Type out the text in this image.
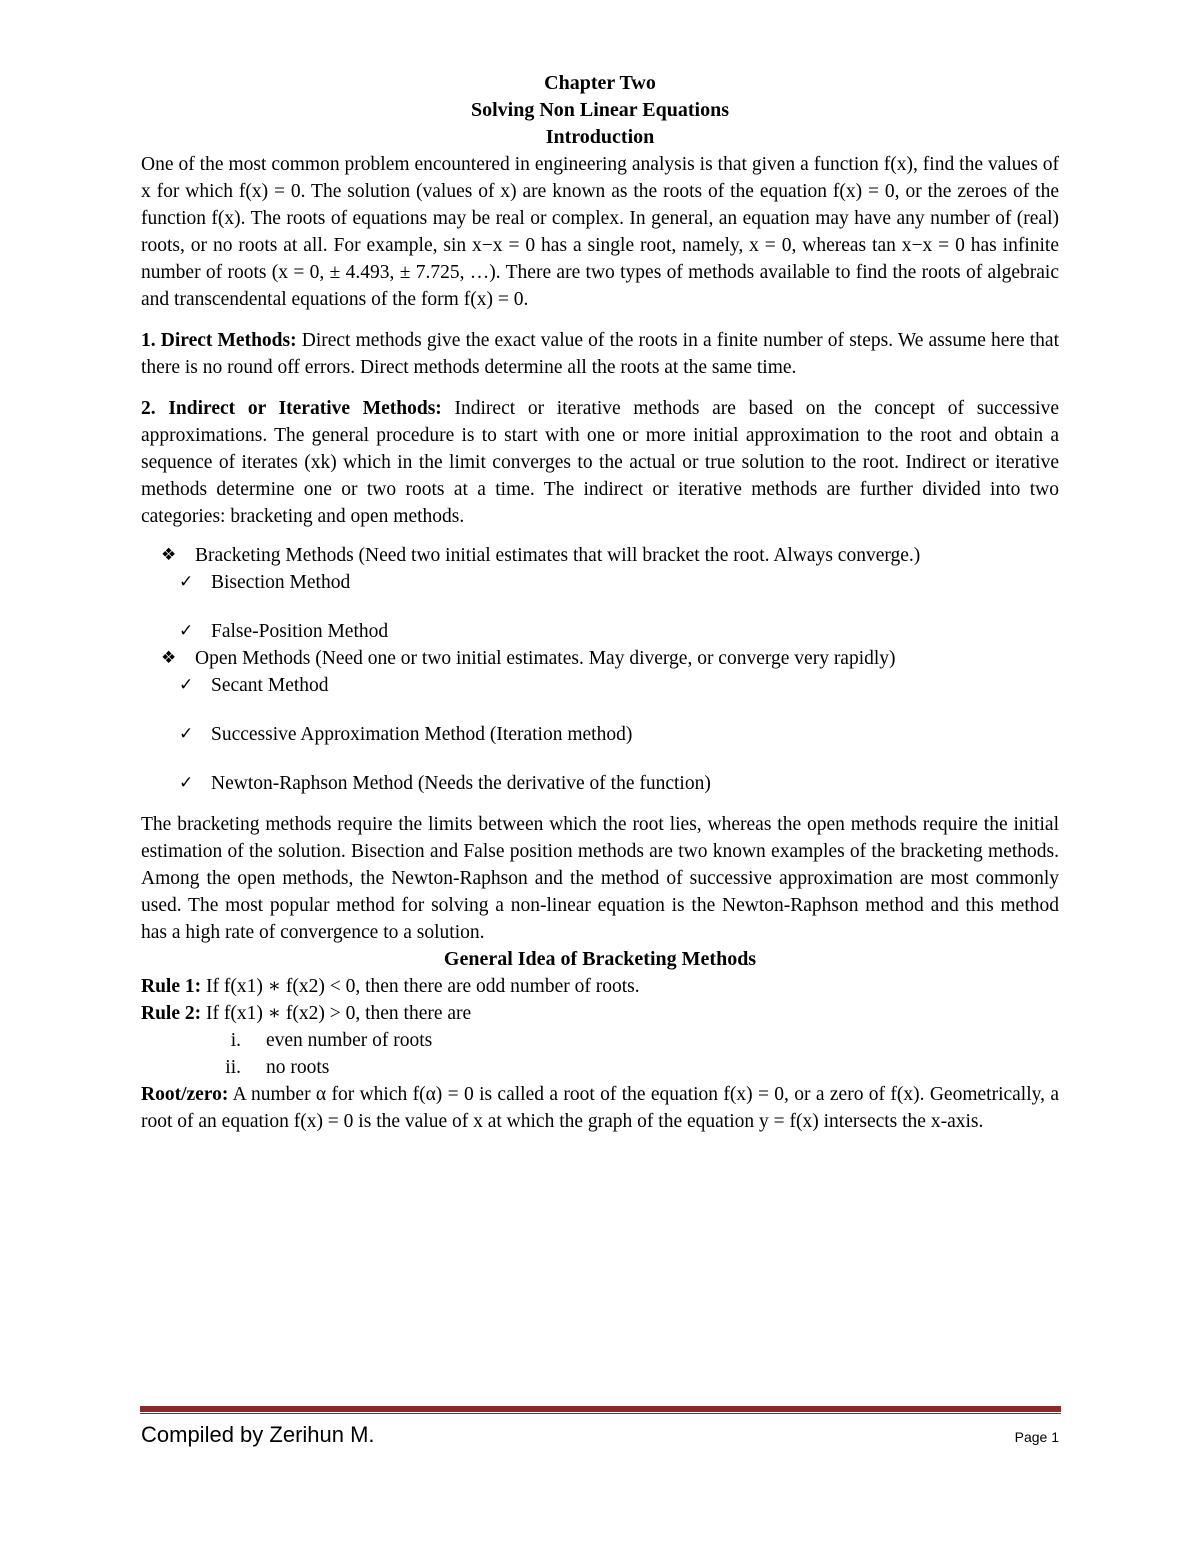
Chapter Two
Solving Non Linear Equations
Introduction

One of the most common problem encountered in engineering analysis is that given a function f(x), find the values of x for which f(x) = 0. The solution (values of x) are known as the roots of the equation f(x) = 0, or the zeroes of the function f(x). The roots of equations may be real or complex. In general, an equation may have any number of (real) roots, or no roots at all. For example, sin x−x = 0 has a single root, namely, x = 0, whereas tan x−x = 0 has infinite number of roots (x = 0, ± 4.493, ± 7.725, …). There are two types of methods available to find the roots of algebraic and transcendental equations of the form f(x) = 0.

1. Direct Methods: Direct methods give the exact value of the roots in a finite number of steps. We assume here that there is no round off errors. Direct methods determine all the roots at the same time.

2. Indirect or Iterative Methods: Indirect or iterative methods are based on the concept of successive approximations. The general procedure is to start with one or more initial approximation to the root and obtain a sequence of iterates (xk) which in the limit converges to the actual or true solution to the root. Indirect or iterative methods determine one or two roots at a time. The indirect or iterative methods are further divided into two categories: bracketing and open methods.

❖ Bracketing Methods (Need two initial estimates that will bracket the root. Always converge.)
✓ Bisection Method
✓ False-Position Method
❖ Open Methods (Need one or two initial estimates. May diverge, or converge very rapidly)
✓ Secant Method
✓ Successive Approximation Method (Iteration method)
✓ Newton-Raphson Method (Needs the derivative of the function)

The bracketing methods require the limits between which the root lies, whereas the open methods require the initial estimation of the solution. Bisection and False position methods are two known examples of the bracketing methods. Among the open methods, the Newton-Raphson and the method of successive approximation are most commonly used. The most popular method for solving a non-linear equation is the Newton-Raphson method and this method has a high rate of convergence to a solution.

General Idea of Bracketing Methods

Rule 1: If f(x1) ∗ f(x2) < 0, then there are odd number of roots.

Rule 2: If f(x1) ∗ f(x2) > 0, then there are

i. even number of roots
ii. no roots

Root/zero: A number α for which f(α) = 0 is called a root of the equation f(x) = 0, or a zero of f(x). Geometrically, a root of an equation f(x) = 0 is the value of x at which the graph of the equation y = f(x) intersects the x-axis.

Compiled by Zerihun M.	Page 1
